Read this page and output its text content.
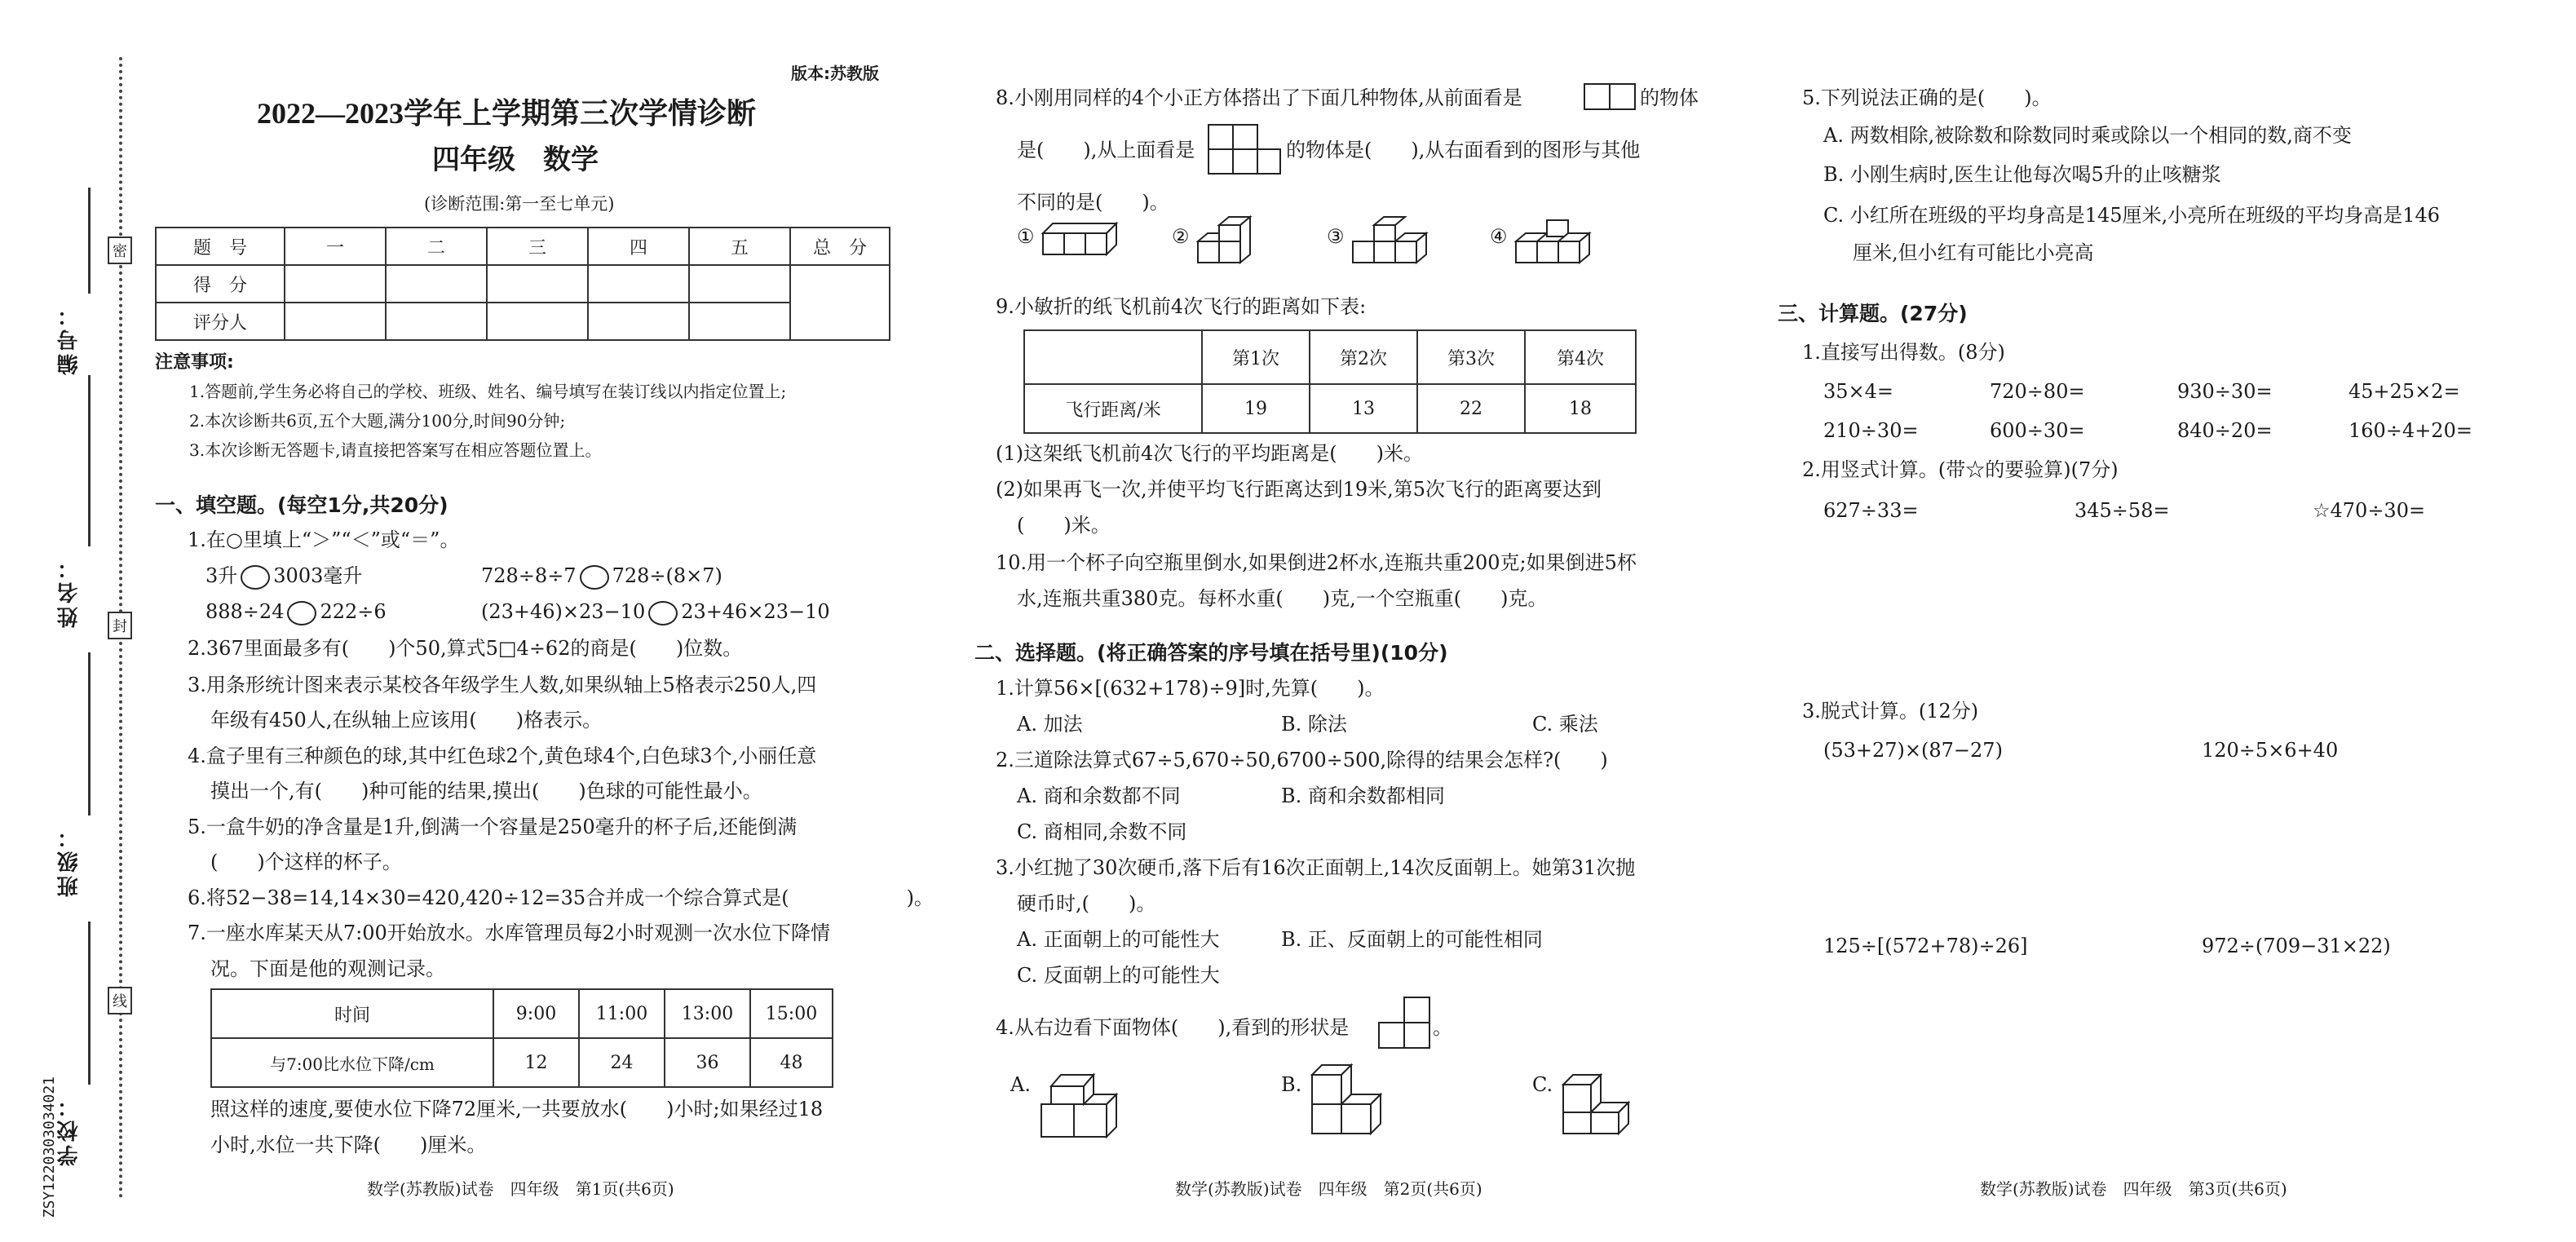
编号：
姓名：
班级：
学校：
密
封
线
ZSY1220303034021
版本:苏教版
2022—2023学年上学期第三次学情诊断
四年级　数学
(诊断范围:第一至七单元)
题　号	一	二	三	四	五	总　分
得　分						
评分人						
注意事项:
1.答题前,学生务必将自己的学校、班级、姓名、编号填写在装订线以内指定位置上;
2.本次诊断共6页,五个大题,满分100分,时间90分钟;
3.本次诊断无答题卡,请直接把答案写在相应答题位置上。
一、填空题。(每空1分,共20分)
1.在○里填上“＞”“＜”或“＝”。
3升 3003毫升	728÷8÷7 728÷(8×7)
888÷24 222÷6	(23+46)×23−10 23+46×23−10
2.367里面最多有(　　)个50,算式5□4÷62的商是(　　)位数。
3.用条形统计图来表示某校各年级学生人数,如果纵轴上5格表示250人,四
年级有450人,在纵轴上应该用(　　)格表示。
4.盒子里有三种颜色的球,其中红色球2个,黄色球4个,白色球3个,小丽任意
摸出一个,有(　　)种可能的结果,摸出(　　)色球的可能性最小。
5.一盒牛奶的净含量是1升,倒满一个容量是250毫升的杯子后,还能倒满
(　　)个这样的杯子。
6.将52−38=14,14×30=420,420÷12=35合并成一个综合算式是(　　　　　　)。
7.一座水库某天从7:00开始放水。水库管理员每2小时观测一次水位下降情
况。下面是他的观测记录。
时间	9:00	11:00	13:00	15:00
与7:00比水位下降/cm	12	24	36	48
照这样的速度,要使水位下降72厘米,一共要放水(　　)小时;如果经过18
小时,水位一共下降(　　)厘米。
数学(苏教版)试卷　四年级　第1页(共6页)
8.小刚用同样的4个小正方体搭出了下面几种物体,从前面看是	的物体
是(　　),从上面看是	的物体是(　　),从右面看到的图形与其他
不同的是(　　)。
①	②	③	④
9.小敏折的纸飞机前4次飞行的距离如下表:
	第1次	第2次	第3次	第4次
飞行距离/米	19	13	22	18
(1)这架纸飞机前4次飞行的平均距离是(　　)米。
(2)如果再飞一次,并使平均飞行距离达到19米,第5次飞行的距离要达到
(　　)米。
10.用一个杯子向空瓶里倒水,如果倒进2杯水,连瓶共重200克;如果倒进5杯
水,连瓶共重380克。每杯水重(　　)克,一个空瓶重(　　)克。
二、选择题。(将正确答案的序号填在括号里)(10分)
1.计算56×[(632+178)÷9]时,先算(　　)。
A. 加法	B. 除法	C. 乘法
2.三道除法算式67÷5,670÷50,6700÷500,除得的结果会怎样?(　　)
A. 商和余数都不同	B. 商和余数都相同
C. 商相同,余数不同
3.小红抛了30次硬币,落下后有16次正面朝上,14次反面朝上。她第31次抛
硬币时,(　　)。
A. 正面朝上的可能性大	B. 正、反面朝上的可能性相同
C. 反面朝上的可能性大
4.从右边看下面物体(　　),看到的形状是	。
A.	B.	C.
数学(苏教版)试卷　四年级　第2页(共6页)
5.下列说法正确的是(　　)。
A. 两数相除,被除数和除数同时乘或除以一个相同的数,商不变
B. 小刚生病时,医生让他每次喝5升的止咳糖浆
C. 小红所在班级的平均身高是145厘米,小亮所在班级的平均身高是146
厘米,但小红有可能比小亮高
三、计算题。(27分)
1.直接写出得数。(8分)
35×4=	720÷80=	930÷30=	45+25×2=
210÷30=	600÷30=	840÷20=	160÷4+20=
2.用竖式计算。(带☆的要验算)(7分)
627÷33=	345÷58=	☆470÷30=
3.脱式计算。(12分)
(53+27)×(87−27)	120÷5×6+40
125÷[(572+78)÷26]	972÷(709−31×22)
数学(苏教版)试卷　四年级　第3页(共6页)
